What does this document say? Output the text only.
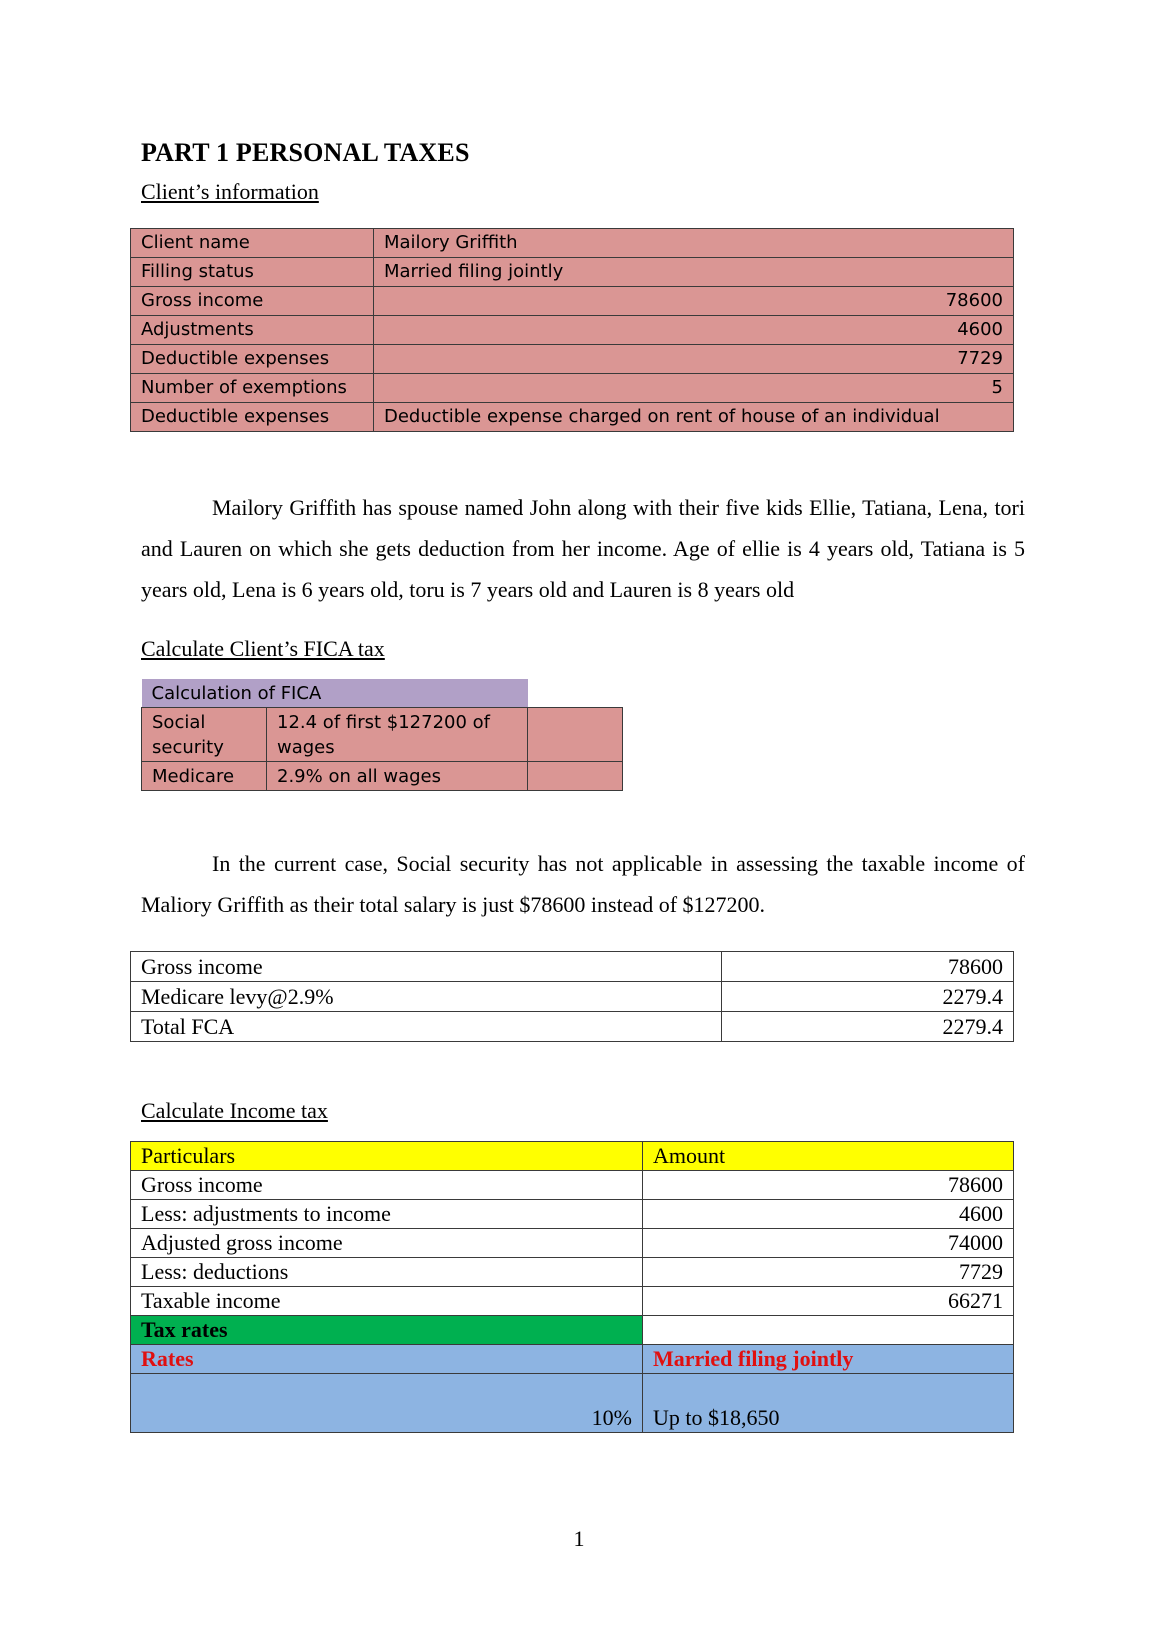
PART 1 PERSONAL TAXES

Client’s information

Client name	Mailory Griffith
Filling status	Married filing jointly
Gross income	78600
Adjustments	4600
Deductible expenses	7729
Number of exemptions	5
Deductible expenses	Deductible expense charged on rent of house of an individual

Mailory Griffith has spouse named John along with their five kids Ellie, Tatiana, Lena, tori and Lauren on which she gets deduction from her income. Age of ellie is 4 years old, Tatiana is 5 years old, Lena is 6 years old, toru is 7 years old and Lauren is 8 years old

Calculate Client’s FICA tax

Calculation of FICA		
Social security	12.4 of first $127200 of wages	
Medicare	2.9% on all wages	

In the current case, Social security has not applicable in assessing the taxable income of Maliory Griffith as their total salary is just $78600 instead of $127200.

Gross income	78600
Medicare levy@2.9%	2279.4
Total FCA	2279.4

Calculate Income tax

Particulars	Amount
Gross income	78600
Less: adjustments to income	4600
Adjusted gross income	74000
Less: deductions	7729
Taxable income	66271
Tax rates	
Rates	Married filing jointly
10%	Up to $18,650
1
